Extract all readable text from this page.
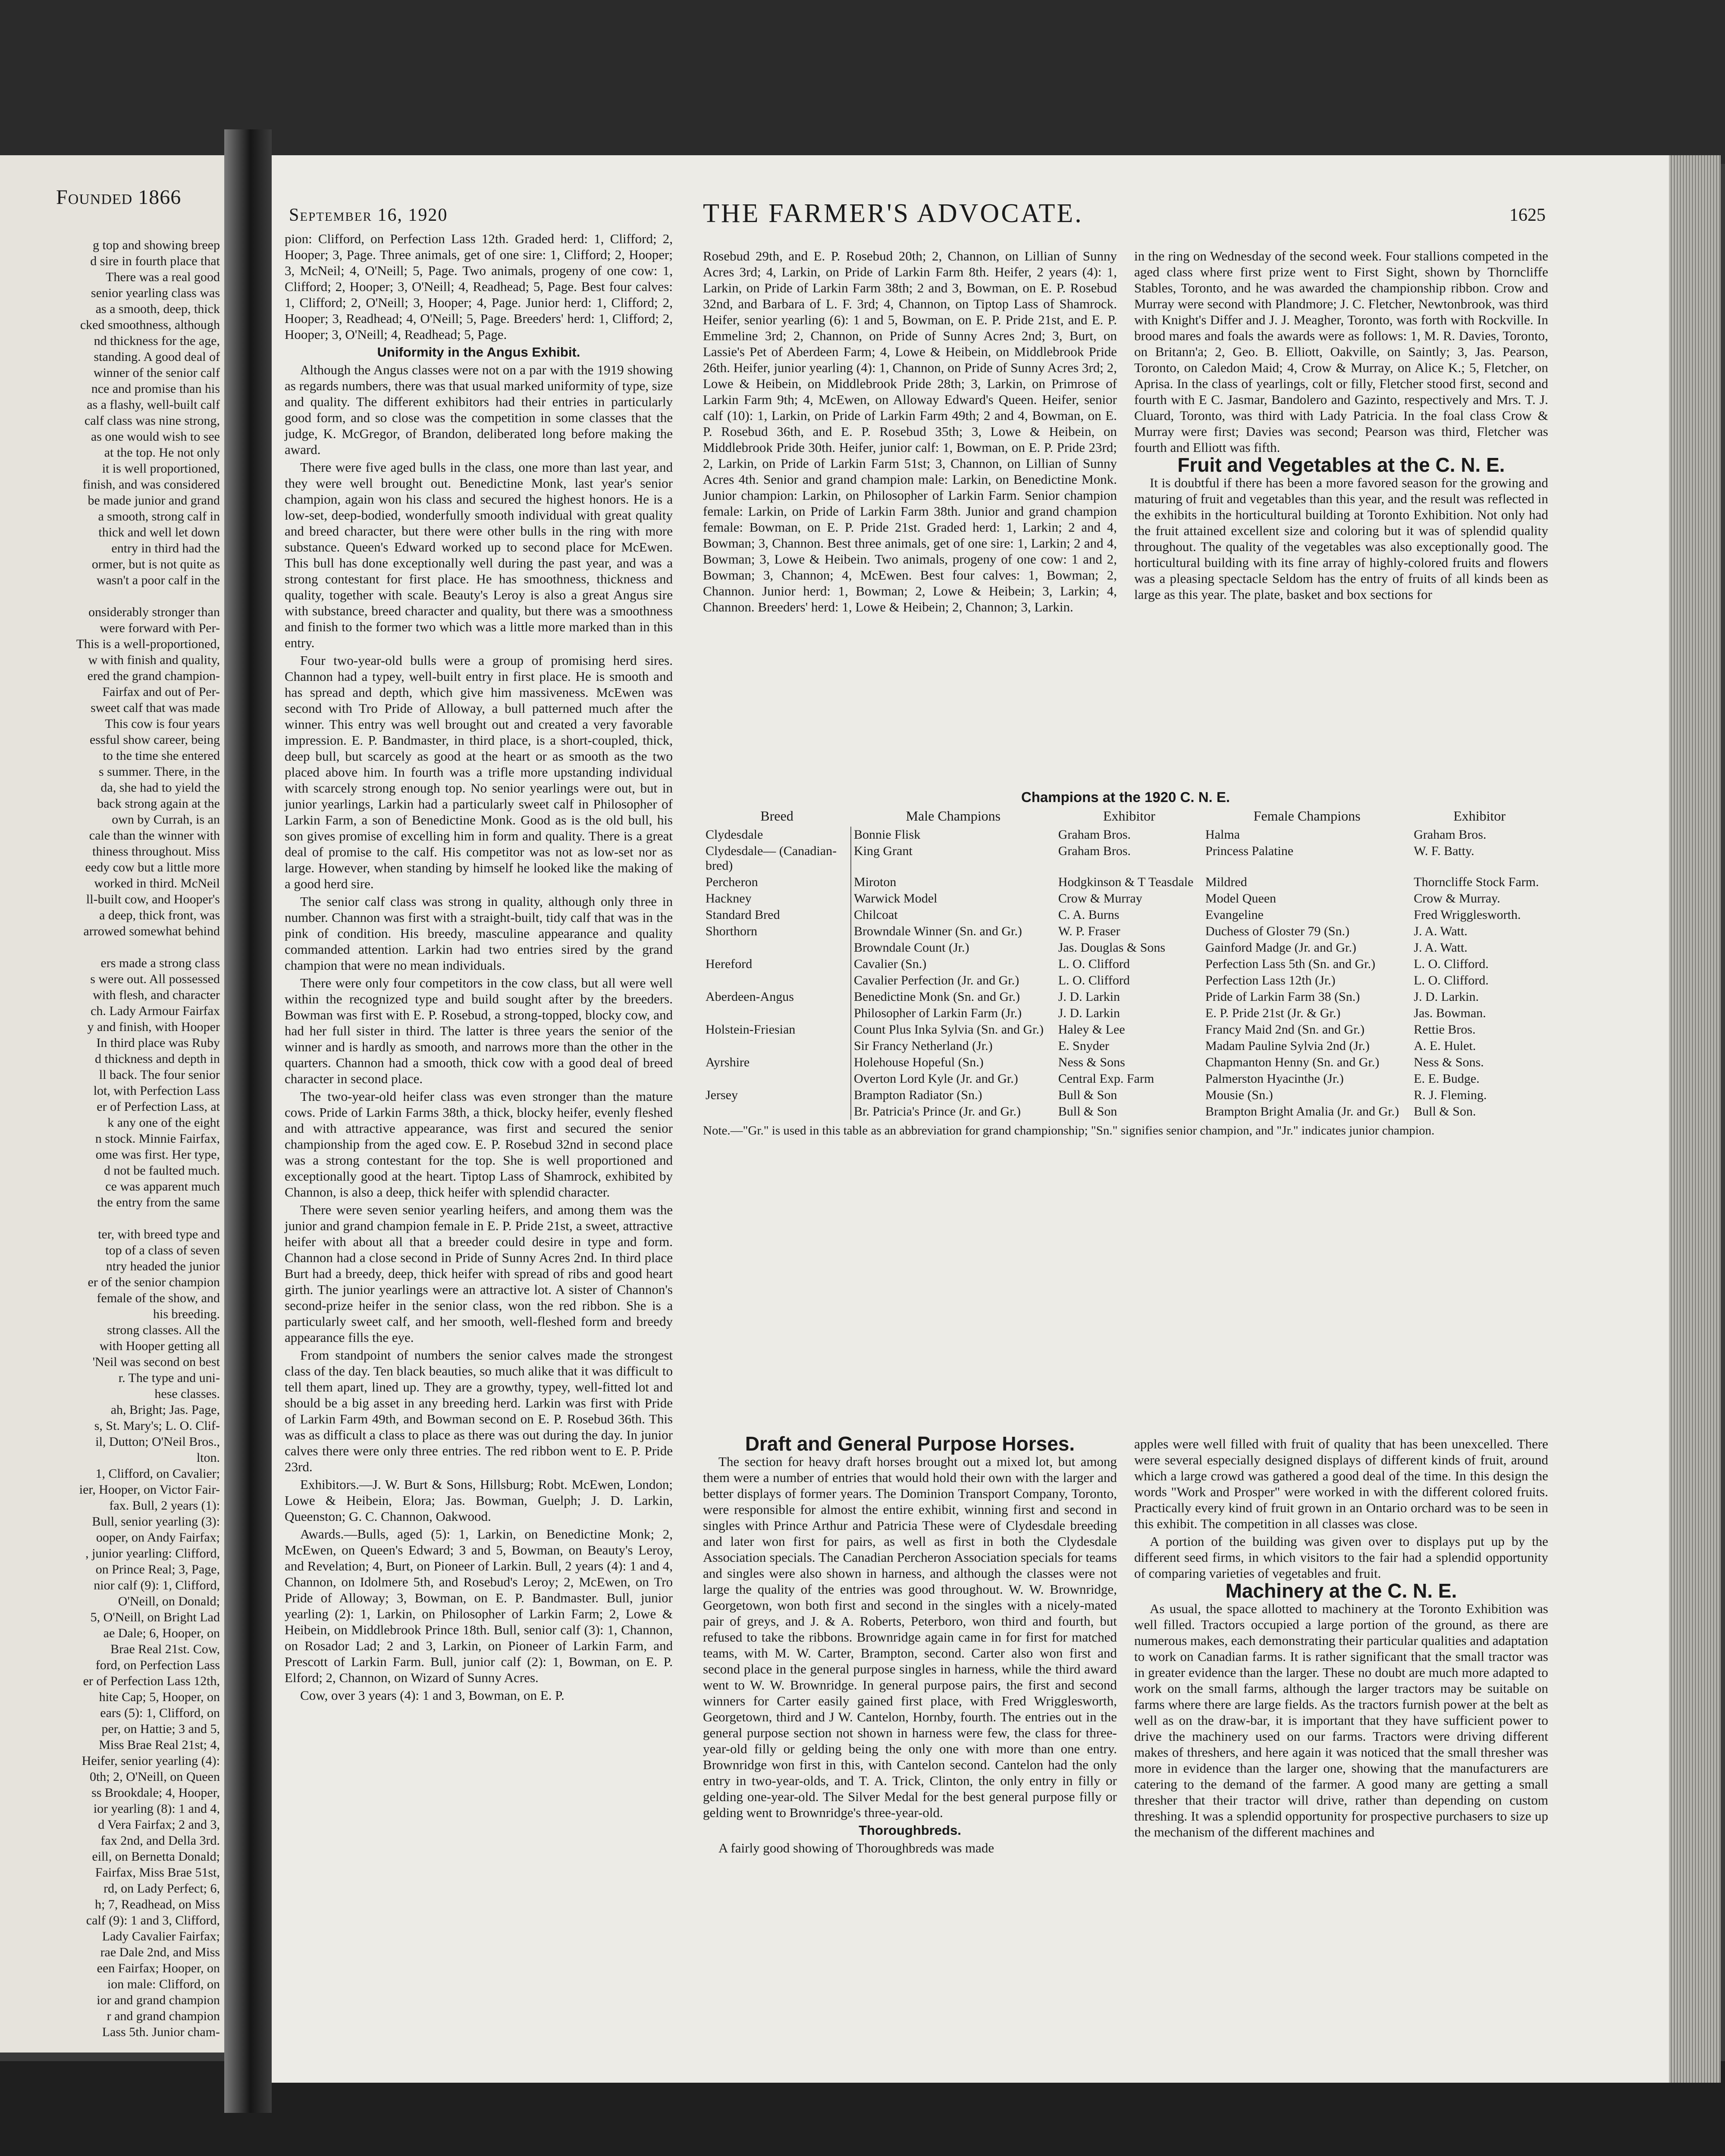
Founded 1866

g top and showing breep

d sire in fourth place that

There was a real good

senior yearling class was

as a smooth, deep, thick

cked smoothness, although

nd thickness for the age,

standing. A good deal of

winner of the senior calf

nce and promise than his

as a flashy, well-built calf

calf class was nine strong,

as one would wish to see

at the top. He not only

it is well proportioned,

finish, and was considered

be made junior and grand

a smooth, strong calf in

thick and well let down

entry in third had the

ormer, but is not quite as

wasn't a poor calf in the

onsiderably stronger than

were forward with Per-

This is a well-proportioned,

w with finish and quality,

ered the grand champion-

Fairfax and out of Per-

sweet calf that was made

This cow is four years

essful show career, being

to the time she entered

s summer. There, in the

da, she had to yield the

back strong again at the

own by Currah, is an

cale than the winner with

thiness throughout. Miss

eedy cow but a little more

worked in third. McNeil

ll-built cow, and Hooper's

a deep, thick front, was

arrowed somewhat behind

ers made a strong class

s were out. All possessed

with flesh, and character

ch. Lady Armour Fairfax

y and finish, with Hooper

In third place was Ruby

d thickness and depth in

ll back. The four senior

lot, with Perfection Lass

er of Perfection Lass, at

k any one of the eight

n stock. Minnie Fairfax,

ome was first. Her type,

d not be faulted much.

ce was apparent much

the entry from the same

ter, with breed type and

top of a class of seven

ntry headed the junior

er of the senior champion

female of the show, and

his breeding.

strong classes. All the

with Hooper getting all

'Neil was second on best

r. The type and uni-

hese classes.

ah, Bright; Jas. Page,

s, St. Mary's; L. O. Clif-

il, Dutton; O'Neil Bros.,

lton.

1, Clifford, on Cavalier;

ier, Hooper, on Victor Fair-

fax. Bull, 2 years (1):

Bull, senior yearling (3):

ooper, on Andy Fairfax;

, junior yearling: Clifford,

on Prince Real; 3, Page,

nior calf (9): 1, Clifford,

O'Neill, on Donald;

5, O'Neill, on Bright Lad

ae Dale; 6, Hooper, on

Brae Real 21st. Cow,

ford, on Perfection Lass

er of Perfection Lass 12th,

hite Cap; 5, Hooper, on

ears (5): 1, Clifford, on

per, on Hattie; 3 and 5,

Miss Brae Real 21st; 4,

Heifer, senior yearling (4):

0th; 2, O'Neill, on Queen

ss Brookdale; 4, Hooper,

ior yearling (8): 1 and 4,

d Vera Fairfax; 2 and 3,

fax 2nd, and Della 3rd.

eill, on Bernetta Donald;

Fairfax, Miss Brae 51st,

rd, on Lady Perfect; 6,

h; 7, Readhead, on Miss

calf (9): 1 and 3, Clifford,

Lady Cavalier Fairfax;

rae Dale 2nd, and Miss

een Fairfax; Hooper, on

ion male: Clifford, on

ior and grand champion

r and grand champion

Lass 5th. Junior cham-

September 16, 1920	THE FARMER'S ADVOCATE.	1625

pion: Clifford, on Perfection Lass 12th. Graded herd: 1, Clifford; 2, Hooper; 3, Page. Three animals, get of one sire: 1, Clifford; 2, Hooper; 3, McNeil; 4, O'Neill; 5, Page. Two animals, progeny of one cow: 1, Clifford; 2, Hooper; 3, O'Neill; 4, Readhead; 5, Page. Best four calves: 1, Clifford; 2, O'Neill; 3, Hooper; 4, Page. Junior herd: 1, Clifford; 2, Hooper; 3, Readhead; 4, O'Neill; 5, Page. Breeders' herd: 1, Clifford; 2, Hooper; 3, O'Neill; 4, Readhead; 5, Page.

Uniformity in the Angus Exhibit.

Although the Angus classes were not on a par with the 1919 showing as regards numbers, there was that usual marked uniformity of type, size and quality. The different exhibitors had their entries in particularly good form, and so close was the competition in some classes that the judge, K. McGregor, of Brandon, deliberated long before making the award.

There were five aged bulls in the class, one more than last year, and they were well brought out. Benedictine Monk, last year's senior champion, again won his class and secured the highest honors. He is a low-set, deep-bodied, wonderfully smooth individual with great quality and breed character, but there were other bulls in the ring with more substance. Queen's Edward worked up to second place for McEwen. This bull has done exceptionally well during the past year, and was a strong contestant for first place. He has smoothness, thickness and quality, together with scale. Beauty's Leroy is also a great Angus sire with substance, breed character and quality, but there was a smoothness and finish to the former two which was a little more marked than in this entry.

Four two-year-old bulls were a group of promising herd sires. Channon had a typey, well-built entry in first place. He is smooth and has spread and depth, which give him massiveness. McEwen was second with Tro Pride of Alloway, a bull patterned much after the winner. This entry was well brought out and created a very favorable impression. E. P. Bandmaster, in third place, is a short-coupled, thick, deep bull, but scarcely as good at the heart or as smooth as the two placed above him. In fourth was a trifle more upstanding individual with scarcely strong enough top. No senior yearlings were out, but in junior yearlings, Larkin had a particularly sweet calf in Philosopher of Larkin Farm, a son of Benedictine Monk. Good as is the old bull, his son gives promise of excelling him in form and quality. There is a great deal of promise to the calf. His competitor was not as low-set nor as large. However, when standing by himself he looked like the making of a good herd sire.

The senior calf class was strong in quality, although only three in number. Channon was first with a straight-built, tidy calf that was in the pink of condition. His breedy, masculine appearance and quality commanded attention. Larkin had two entries sired by the grand champion that were no mean individuals.

There were only four competitors in the cow class, but all were well within the recognized type and build sought after by the breeders. Bowman was first with E. P. Rosebud, a strong-topped, blocky cow, and had her full sister in third. The latter is three years the senior of the winner and is hardly as smooth, and narrows more than the other in the quarters. Channon had a smooth, thick cow with a good deal of breed character in second place.

The two-year-old heifer class was even stronger than the mature cows. Pride of Larkin Farms 38th, a thick, blocky heifer, evenly fleshed and with attractive appearance, was first and secured the senior championship from the aged cow. E. P. Rosebud 32nd in second place was a strong contestant for the top. She is well proportioned and exceptionally good at the heart. Tiptop Lass of Shamrock, exhibited by Channon, is also a deep, thick heifer with splendid character.

There were seven senior yearling heifers, and among them was the junior and grand champion female in E. P. Pride 21st, a sweet, attractive heifer with about all that a breeder could desire in type and form. Channon had a close second in Pride of Sunny Acres 2nd. In third place Burt had a breedy, deep, thick heifer with spread of ribs and good heart girth. The junior yearlings were an attractive lot. A sister of Channon's second-prize heifer in the senior class, won the red ribbon. She is a particularly sweet calf, and her smooth, well-fleshed form and breedy appearance fills the eye.

From standpoint of numbers the senior calves made the strongest class of the day. Ten black beauties, so much alike that it was difficult to tell them apart, lined up. They are a growthy, typey, well-fitted lot and should be a big asset in any breeding herd. Larkin was first with Pride of Larkin Farm 49th, and Bowman second on E. P. Rosebud 36th. This was as difficult a class to place as there was out during the day. In junior calves there were only three entries. The red ribbon went to E. P. Pride 23rd.

Exhibitors.—J. W. Burt & Sons, Hillsburg; Robt. McEwen, London; Lowe & Heibein, Elora; Jas. Bowman, Guelph; J. D. Larkin, Queenston; G. C. Channon, Oakwood.

Awards.—Bulls, aged (5): 1, Larkin, on Benedictine Monk; 2, McEwen, on Queen's Edward; 3 and 5, Bowman, on Beauty's Leroy, and Revelation; 4, Burt, on Pioneer of Larkin. Bull, 2 years (4): 1 and 4, Channon, on Idolmere 5th, and Rosebud's Leroy; 2, McEwen, on Tro Pride of Alloway; 3, Bowman, on E. P. Bandmaster. Bull, junior yearling (2): 1, Larkin, on Philosopher of Larkin Farm; 2, Lowe & Heibein, on Middlebrook Prince 18th. Bull, senior calf (3): 1, Channon, on Rosador Lad; 2 and 3, Larkin, on Pioneer of Larkin Farm, and Prescott of Larkin Farm. Bull, junior calf (2): 1, Bowman, on E. P. Elford; 2, Channon, on Wizard of Sunny Acres.

Cow, over 3 years (4): 1 and 3, Bowman, on E. P.

Rosebud 29th, and E. P. Rosebud 20th; 2, Channon, on Lillian of Sunny Acres 3rd; 4, Larkin, on Pride of Larkin Farm 8th. Heifer, 2 years (4): 1, Larkin, on Pride of Larkin Farm 38th; 2 and 3, Bowman, on E. P. Rosebud 32nd, and Barbara of L. F. 3rd; 4, Channon, on Tiptop Lass of Shamrock. Heifer, senior yearling (6): 1 and 5, Bowman, on E. P. Pride 21st, and E. P. Emmeline 3rd; 2, Channon, on Pride of Sunny Acres 2nd; 3, Burt, on Lassie's Pet of Aberdeen Farm; 4, Lowe & Heibein, on Middlebrook Pride 26th. Heifer, junior yearling (4): 1, Channon, on Pride of Sunny Acres 3rd; 2, Lowe & Heibein, on Middlebrook Pride 28th; 3, Larkin, on Primrose of Larkin Farm 9th; 4, McEwen, on Alloway Edward's Queen. Heifer, senior calf (10): 1, Larkin, on Pride of Larkin Farm 49th; 2 and 4, Bowman, on E. P. Rosebud 36th, and E. P. Rosebud 35th; 3, Lowe & Heibein, on Middlebrook Pride 30th. Heifer, junior calf: 1, Bowman, on E. P. Pride 23rd; 2, Larkin, on Pride of Larkin Farm 51st; 3, Channon, on Lillian of Sunny Acres 4th. Senior and grand champion male: Larkin, on Benedictine Monk. Junior champion: Larkin, on Philosopher of Larkin Farm. Senior champion female: Larkin, on Pride of Larkin Farm 38th. Junior and grand champion female: Bowman, on E. P. Pride 21st. Graded herd: 1, Larkin; 2 and 4, Bowman; 3, Channon. Best three animals, get of one sire: 1, Larkin; 2 and 4, Bowman; 3, Lowe & Heibein. Two animals, progeny of one cow: 1 and 2, Bowman; 3, Channon; 4, McEwen. Best four calves: 1, Bowman; 2, Channon. Junior herd: 1, Bowman; 2, Lowe & Heibein; 3, Larkin; 4, Channon. Breeders' herd: 1, Lowe & Heibein; 2, Channon; 3, Larkin.

in the ring on Wednesday of the second week. Four stallions competed in the aged class where first prize went to First Sight, shown by Thorncliffe Stables, Toronto, and he was awarded the championship ribbon. Crow and Murray were second with Plandmore; J. C. Fletcher, Newtonbrook, was third with Knight's Differ and J. J. Meagher, Toronto, was forth with Rockville. In brood mares and foals the awards were as follows: 1, M. R. Davies, Toronto, on Britann'a; 2, Geo. B. Elliott, Oakville, on Saintly; 3, Jas. Pearson, Toronto, on Caledon Maid; 4, Crow & Murray, on Alice K.; 5, Fletcher, on Aprisa. In the class of yearlings, colt or filly, Fletcher stood first, second and fourth with E C. Jasmar, Bandolero and Gazinto, respectively and Mrs. T. J. Cluard, Toronto, was third with Lady Patricia. In the foal class Crow & Murray were first; Davies was second; Pearson was third, Fletcher was fourth and Elliott was fifth.

Fruit and Vegetables at the C. N. E.

It is doubtful if there has been a more favored season for the growing and maturing of fruit and vegetables than this year, and the result was reflected in the exhibits in the horticultural building at Toronto Exhibition. Not only had the fruit attained excellent size and coloring but it was of splendid quality throughout. The quality of the vegetables was also exceptionally good. The horticultural building with its fine array of highly-colored fruits and flowers was a pleasing spectacle Seldom has the entry of fruits of all kinds been as large as this year. The plate, basket and box sections for

Champions at the 1920 C. N. E.
Breed	Male Champions	Exhibitor	Female Champions	Exhibitor
Clydesdale	Bonnie Flisk	Graham Bros.	Halma	Graham Bros.
Clydesdale— (Canadian-bred)	King Grant	Graham Bros.	Princess Palatine	W. F. Batty.
Percheron	Miroton	Hodgkinson & T Teasdale	Mildred	Thorncliffe Stock Farm.
Hackney	Warwick Model	Crow & Murray	Model Queen	Crow & Murray.
Standard Bred	Chilcoat	C. A. Burns	Evangeline	Fred Wrigglesworth.
Shorthorn	Browndale Winner (Sn. and Gr.)	W. P. Fraser	Duchess of Gloster 79 (Sn.)	J. A. Watt.
	Browndale Count (Jr.)	Jas. Douglas & Sons	Gainford Madge (Jr. and Gr.)	J. A. Watt.
Hereford	Cavalier (Sn.)	L. O. Clifford	Perfection Lass 5th (Sn. and Gr.)	L. O. Clifford.
	Cavalier Perfection (Jr. and Gr.)	L. O. Clifford	Perfection Lass 12th (Jr.)	L. O. Clifford.
Aberdeen-Angus	Benedictine Monk (Sn. and Gr.)	J. D. Larkin	Pride of Larkin Farm 38 (Sn.)	J. D. Larkin.
	Philosopher of Larkin Farm (Jr.)	J. D. Larkin	E. P. Pride 21st (Jr. & Gr.)	Jas. Bowman.
Holstein-Friesian	Count Plus Inka Sylvia (Sn. and Gr.)	Haley & Lee	Francy Maid 2nd (Sn. and Gr.)	Rettie Bros.
	Sir Francy Netherland (Jr.)	E. Snyder	Madam Pauline Sylvia 2nd (Jr.)	A. E. Hulet.
Ayrshire	Holehouse Hopeful (Sn.)	Ness & Sons	Chapmanton Henny (Sn. and Gr.)	Ness & Sons.
	Overton Lord Kyle (Jr. and Gr.)	Central Exp. Farm	Palmerston Hyacinthe (Jr.)	E. E. Budge.
Jersey	Brampton Radiator (Sn.)	Bull & Son	Mousie (Sn.)	R. J. Fleming.
	Br. Patricia's Prince (Jr. and Gr.)	Bull & Son	Brampton Bright Amalia (Jr. and Gr.)	Bull & Son.
Note.—"Gr." is used in this table as an abbreviation for grand championship; "Sn." signifies senior champion, and "Jr." indicates junior champion.

Draft and General Purpose Horses.

The section for heavy draft horses brought out a mixed lot, but among them were a number of entries that would hold their own with the larger and better displays of former years. The Dominion Transport Company, Toronto, were responsible for almost the entire exhibit, winning first and second in singles with Prince Arthur and Patricia These were of Clydesdale breeding and later won first for pairs, as well as first in both the Clydesdale Association specials. The Canadian Percheron Association specials for teams and singles were also shown in harness, and although the classes were not large the quality of the entries was good throughout. W. W. Brownridge, Georgetown, won both first and second in the singles with a nicely-mated pair of greys, and J. & A. Roberts, Peterboro, won third and fourth, but refused to take the ribbons. Brownridge again came in for first for matched teams, with M. W. Carter, Brampton, second. Carter also won first and second place in the general purpose singles in harness, while the third award went to W. W. Brownridge. In general purpose pairs, the first and second winners for Carter easily gained first place, with Fred Wrigglesworth, Georgetown, third and J W. Cantelon, Hornby, fourth. The entries out in the general purpose section not shown in harness were few, the class for three-year-old filly or gelding being the only one with more than one entry. Brownridge won first in this, with Cantelon second. Cantelon had the only entry in two-year-olds, and T. A. Trick, Clinton, the only entry in filly or gelding one-year-old. The Silver Medal for the best general purpose filly or gelding went to Brownridge's three-year-old.

Thoroughbreds.

A fairly good showing of Thoroughbreds was made

apples were well filled with fruit of quality that has been unexcelled. There were several especially designed displays of different kinds of fruit, around which a large crowd was gathered a good deal of the time. In this design the words "Work and Prosper" were worked in with the different colored fruits. Practically every kind of fruit grown in an Ontario orchard was to be seen in this exhibit. The competition in all classes was close.

A portion of the building was given over to displays put up by the different seed firms, in which visitors to the fair had a splendid opportunity of comparing varieties of vegetables and fruit.

Machinery at the C. N. E.

As usual, the space allotted to machinery at the Toronto Exhibition was well filled. Tractors occupied a large portion of the ground, as there are numerous makes, each demonstrating their particular qualities and adaptation to work on Canadian farms. It is rather significant that the small tractor was in greater evidence than the larger. These no doubt are much more adapted to work on the small farms, although the larger tractors may be suitable on farms where there are large fields. As the tractors furnish power at the belt as well as on the draw-bar, it is important that they have sufficient power to drive the machinery used on our farms. Tractors were driving different makes of threshers, and here again it was noticed that the small thresher was more in evidence than the larger one, showing that the manufacturers are catering to the demand of the farmer. A good many are getting a small thresher that their tractor will drive, rather than depending on custom threshing. It was a splendid opportunity for prospective purchasers to size up the mechanism of the different machines and
